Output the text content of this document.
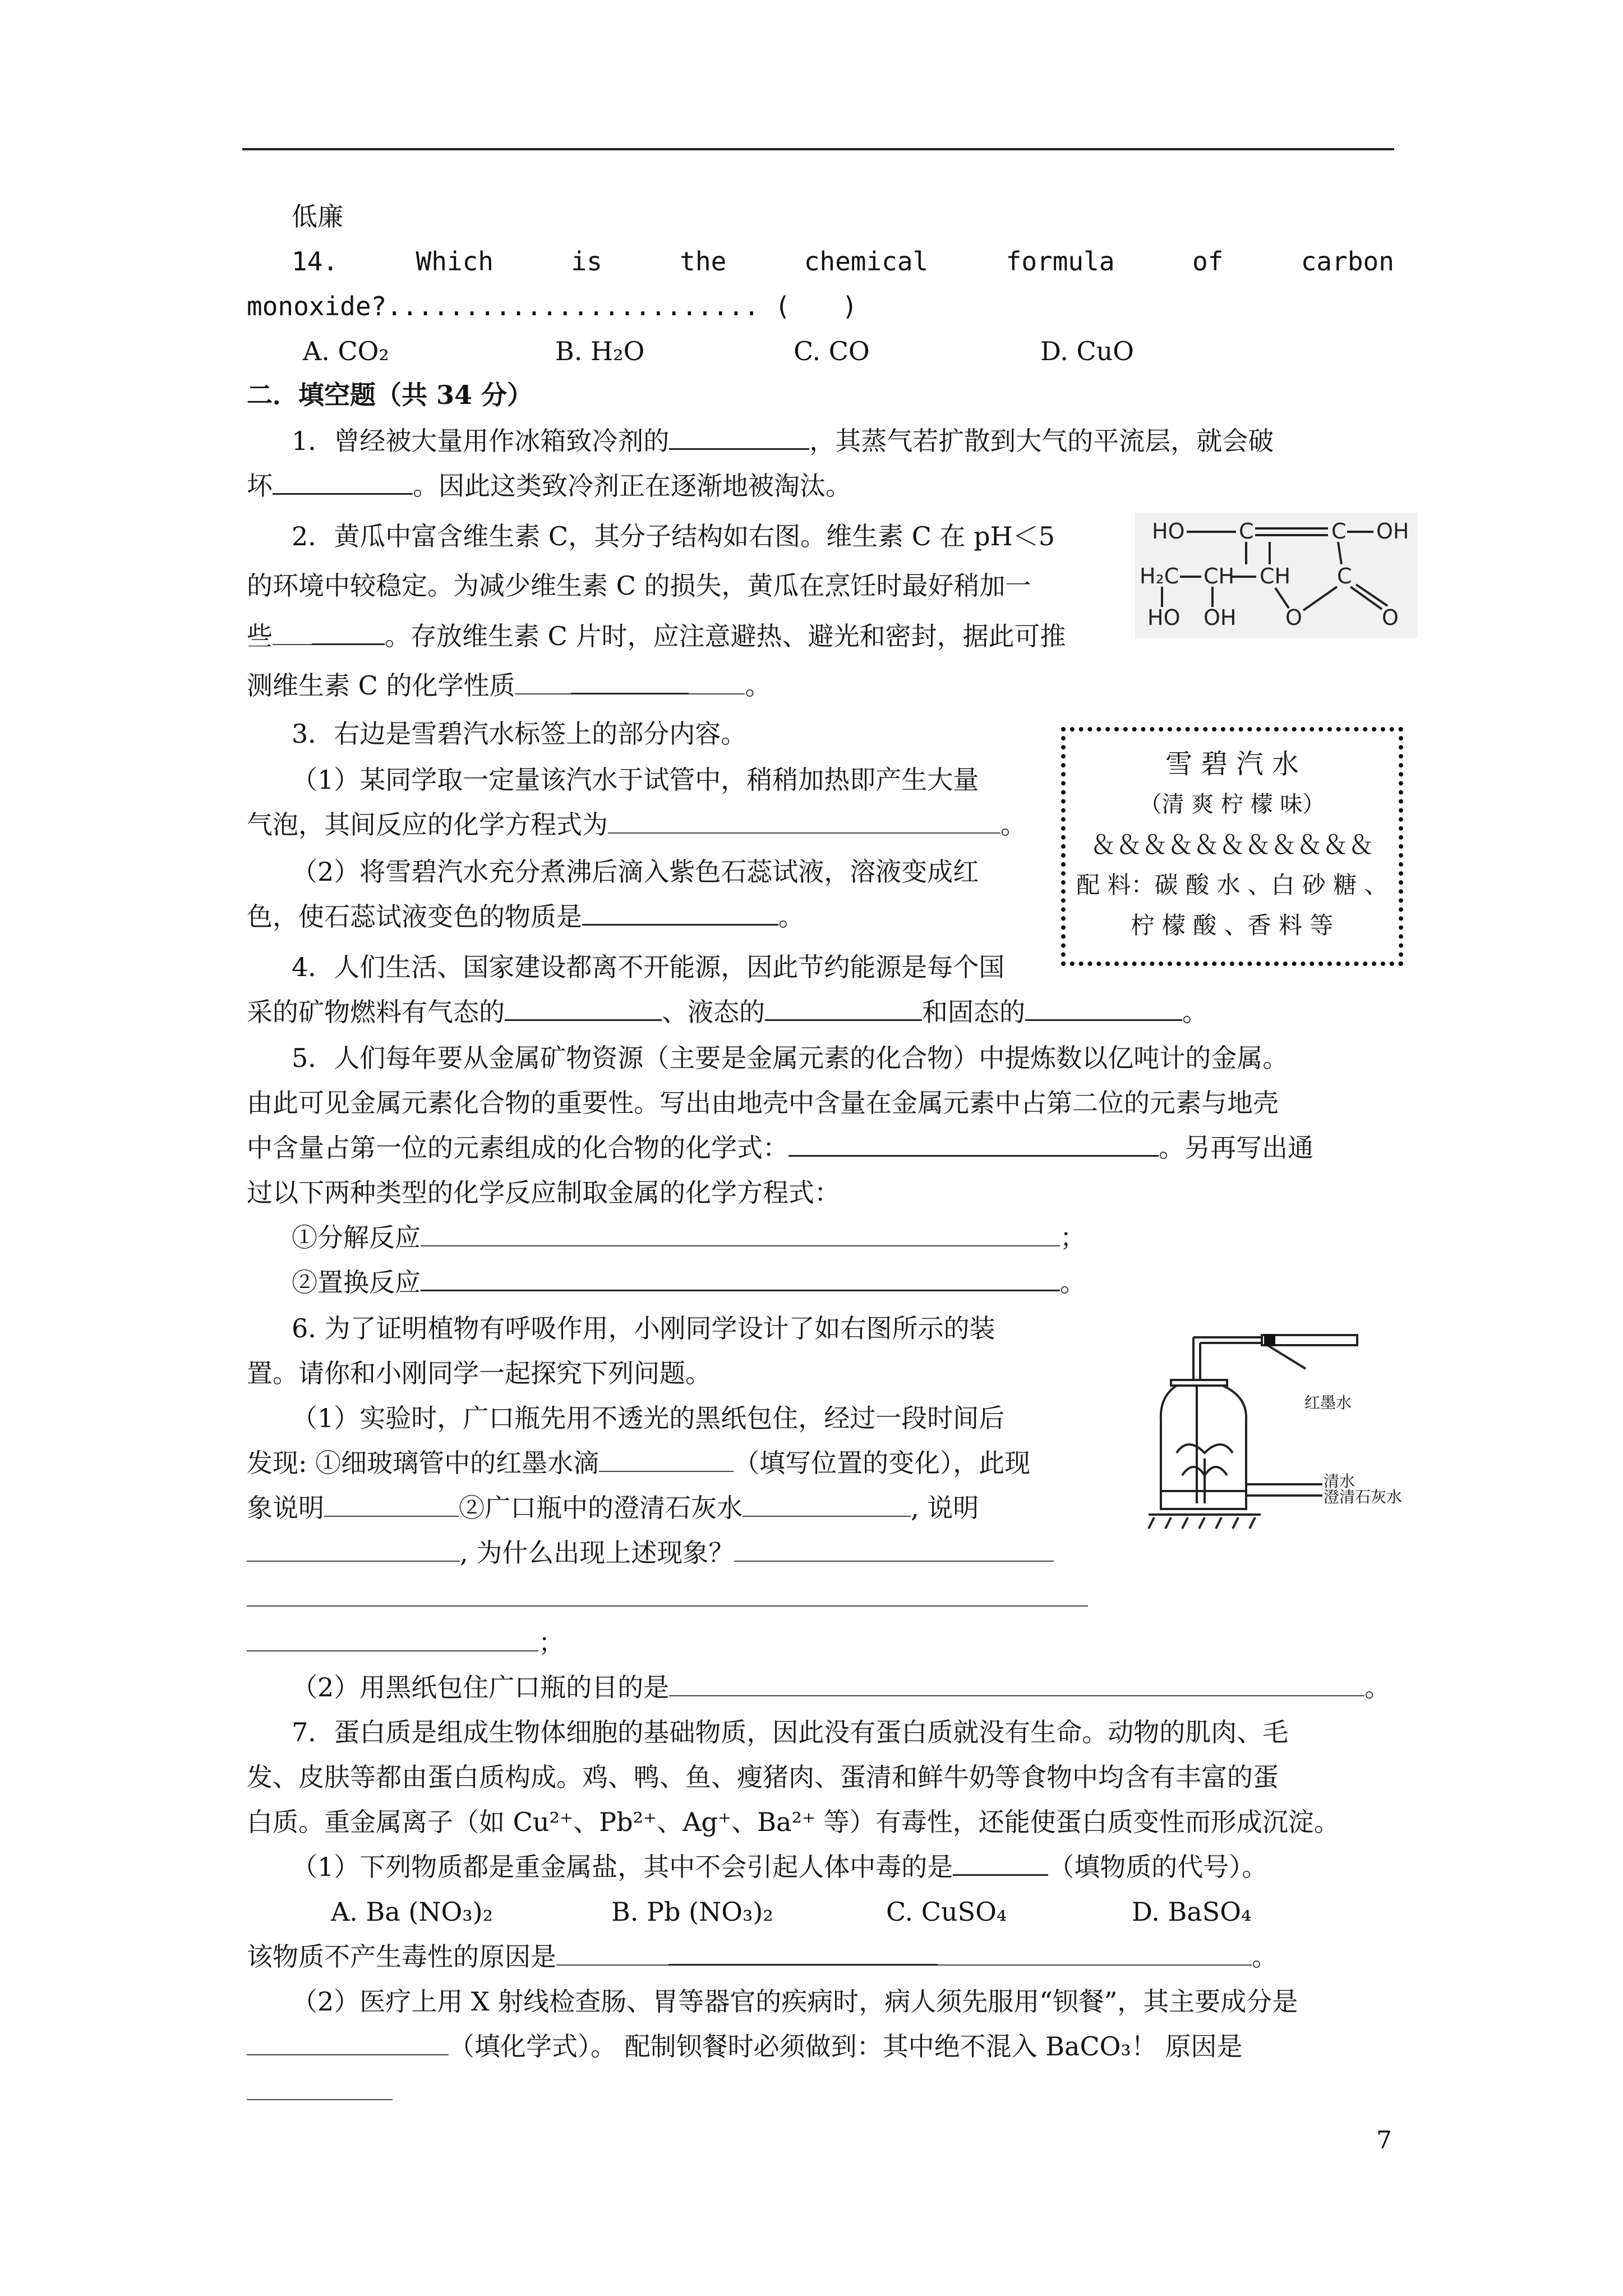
低廉
14.	Which	is	the	chemical	formula	of	carbon
monoxide?........................ (　　)
A. CO₂	B. H₂O	C. CO	D. CuO
二．填空题（共 34 分）
1．曾经被大量用作冰箱致冷剂的	，其蒸气若扩散到大气的平流层，就会破
坏	。因此这类致冷剂正在逐渐地被淘汰。
2．黄瓜中富含维生素 C，其分子结构如右图。维生素 C 在 pH＜5
的环境中较稳定。为减少维生素 C 的损失，黄瓜在烹饪时最好稍加一
些	。存放维生素 C 片时，应注意避热、避光和密封，据此可推
测维生素 C 的化学性质	。
HO	C	C OH
H₂C CH CH C
HO OH O	O
3．右边是雪碧汽水标签上的部分内容。
（1）某同学取一定量该汽水于试管中，稍稍加热即产生大量
气泡，其间反应的化学方程式为	。
（2）将雪碧汽水充分煮沸后滴入紫色石蕊试液，溶液变成红
色，使石蕊试液变色的物质是	。
雪 碧 汽 水
（清 爽 柠 檬 味）
＆＆＆＆＆＆＆＆＆＆＆
配 料：碳 酸 水 、白 砂 糖 、
柠 檬 酸 、香 料 等
4．人们生活、国家建设都离不开能源，因此节约能源是每个国
采的矿物燃料有气态的	、液态的	和固态的	。
5．人们每年要从金属矿物资源（主要是金属元素的化合物）中提炼数以亿吨计的金属。
由此可见金属元素化合物的重要性。写出由地壳中含量在金属元素中占第二位的元素与地壳
中含量占第一位的元素组成的化合物的化学式：	。另再写出通
过以下两种类型的化学反应制取金属的化学方程式：
①分解反应	；
②置换反应	。
6. 为了证明植物有呼吸作用，小刚同学设计了如右图所示的装
置。请你和小刚同学一起探究下列问题。
（1）实验时，广口瓶先用不透光的黑纸包住，经过一段时间后
发现: ①细玻璃管中的红墨水滴	（填写位置的变化），此现
象说明	②广口瓶中的澄清石灰水	, 说明
, 为什么出现上述现象？
；
（2）用黑纸包住广口瓶的目的是	。
红墨水
清水
澄清石灰水
7．蛋白质是组成生物体细胞的基础物质，因此没有蛋白质就没有生命。动物的肌肉、毛
发、皮肤等都由蛋白质构成。鸡、鸭、鱼、瘦猪肉、蛋清和鲜牛奶等食物中均含有丰富的蛋
白质。重金属离子（如 Cu²⁺、Pb²⁺、Ag⁺、Ba²⁺ 等）有毒性，还能使蛋白质变性而形成沉淀。
（1）下列物质都是重金属盐，其中不会引起人体中毒的是	（填物质的代号）。
A. Ba (NO₃)₂	B. Pb (NO₃)₂	C. CuSO₄	D. BaSO₄
该物质不产生毒性的原因是	。
（2）医疗上用 X 射线检查肠、胃等器官的疾病时，病人须先服用“钡餐”，其主要成分是
（填化学式）。 配制钡餐时必须做到：其中绝不混入 BaCO₃！ 原因是
7
